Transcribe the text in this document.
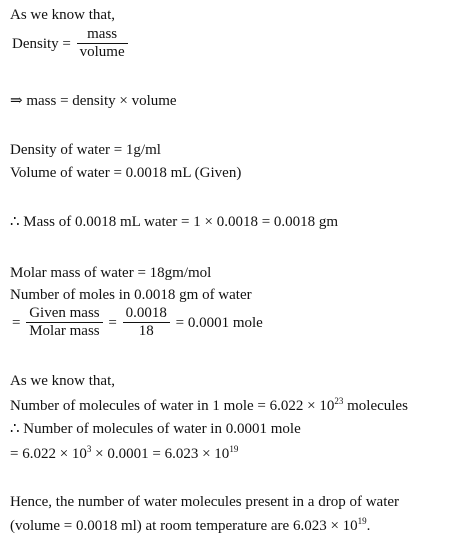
As we know that,
Density = $\frac{\text{mass}}{\text{volume}}$
⇒ mass = density × volume
Density of water = 1g/ml
Volume of water = 0.0018 mL (Given)
∴ Mass of 0.0018 mL water = 1 × 0.0018 = 0.0018 gm
Molar mass of water = 18gm/mol
Number of moles in 0.0018 gm of water
= $\frac{\text{Given mass}}{\text{Molar mass}} = \frac{0.0018}{18} = 0.0001$ mole
As we know that,
Number of molecules of water in 1 mole = $6.022 \times 10^{23}$ molecules
∴ Number of molecules of water in 0.0001 mole
= $6.022 \times 10^3 \times 0.0001 = 6.023 \times 10^{19}$
Hence, the number of water molecules present in a drop of water
(volume = 0.0018 ml) at room temperature are $6.023 \times 10^{19}$.
